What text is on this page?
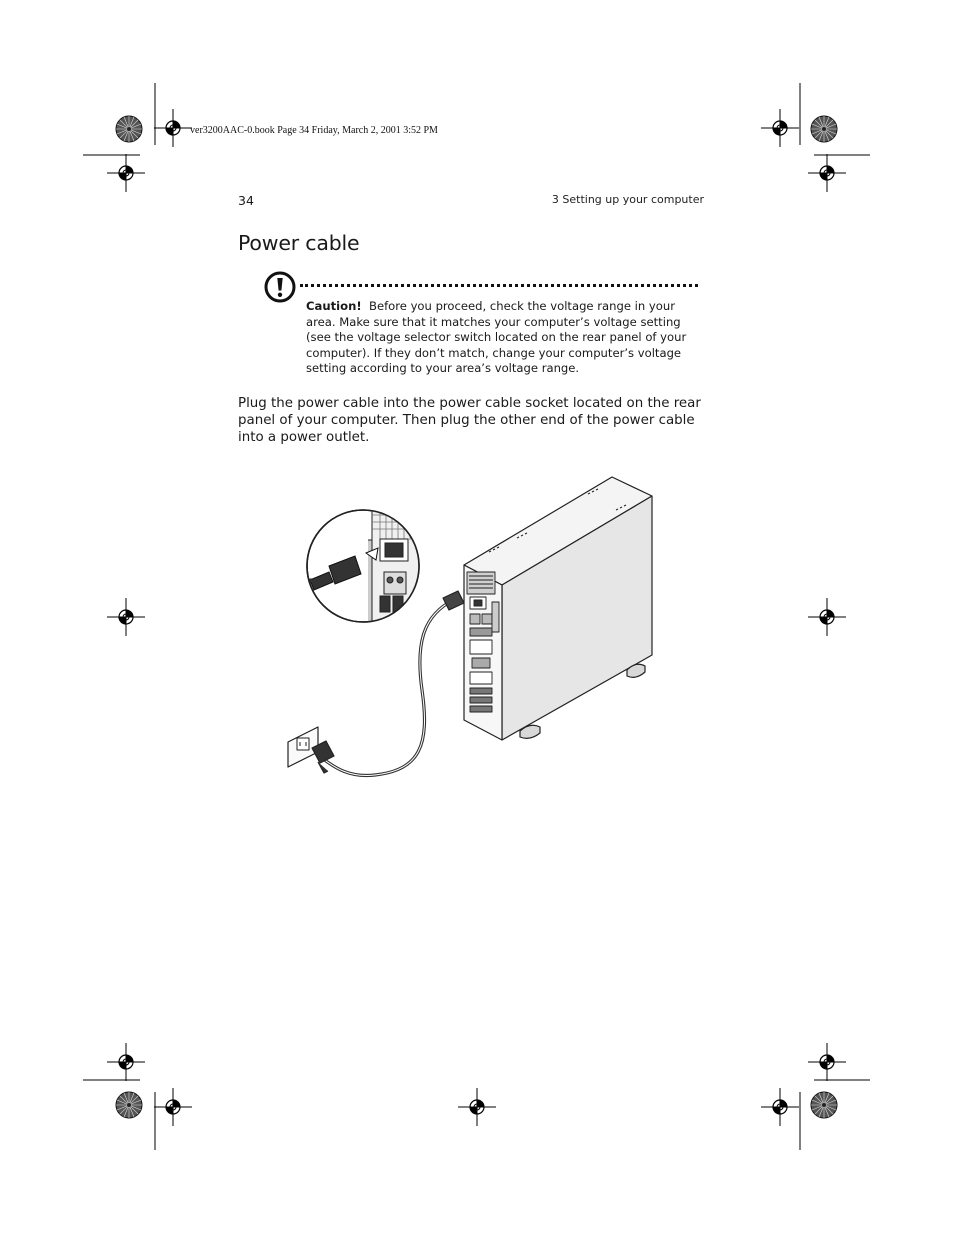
ver3200AAC-0.book Page 34 Friday, March 2, 2001 3:52 PM
34	3 Setting up your computer
Power cable
Caution! Before you proceed, check the voltage range in your area. Make sure that it matches your computer’s voltage setting (see the voltage selector switch located on the rear panel of your computer). If they don’t match, change your computer’s voltage setting according to your area’s voltage range.
Plug the power cable into the power cable socket located on the rear panel of your computer. Then plug the other end of the power cable into a power outlet.
